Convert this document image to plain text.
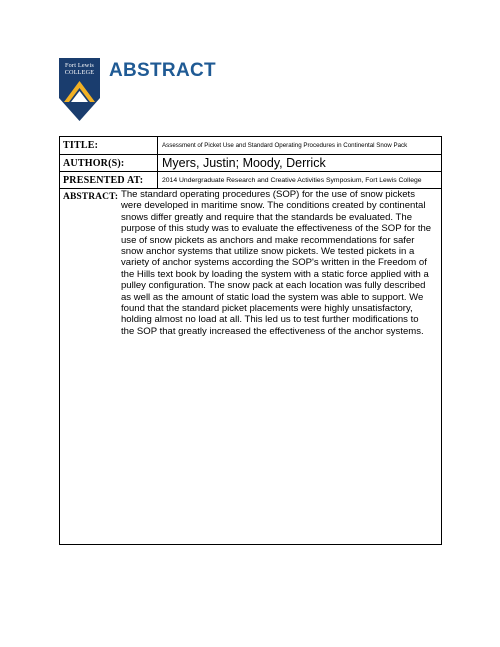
Fort Lewis
COLLEGE ABSTRACT
TITLE:	Assessment of Picket Use and Standard Operating Procedures in Continental Snow Pack
AUTHOR(S):	Myers, Justin; Moody, Derrick
PRESENTED AT:	2014 Undergraduate Research and Creative Activities Symposium, Fort Lewis College
ABSTRACT: The standard operating procedures (SOP) for the use of snow pickets were developed in maritime snow. The conditions created by continental snows differ greatly and require that the standards be evaluated. The purpose of this study was to evaluate the effectiveness of the SOP for the use of snow pickets as anchors and make recommendations for safer snow anchor systems that utilize snow pickets. We tested pickets in a variety of anchor systems according the SOP's written in the Freedom of the Hills text book by loading the system with a static force applied with a pulley configuration. The snow pack at each location was fully described as well as the amount of static load the system was able to support. We found that the standard picket placements were highly unsatisfactory, holding almost no load at all. This led us to test further modifications to the SOP that greatly increased the effectiveness of the anchor systems.
